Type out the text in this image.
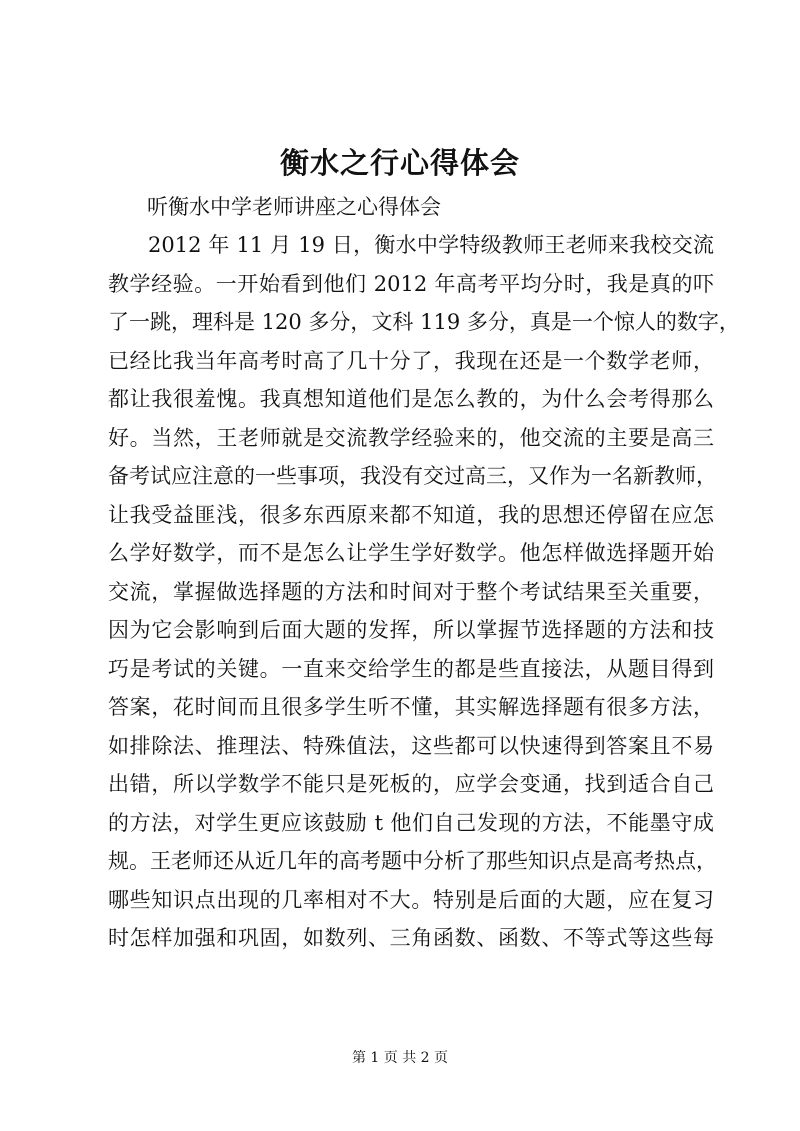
衡水之行心得体会
听衡水中学老师讲座之心得体会
2012 年 11 月 19 日，衡水中学特级教师王老师来我校交流
教学经验。一开始看到他们 2012 年高考平均分时，我是真的吓
了一跳，理科是 120 多分，文科 119 多分，真是一个惊人的数字，
已经比我当年高考时高了几十分了，我现在还是一个数学老师，
都让我很羞愧。我真想知道他们是怎么教的，为什么会考得那么
好。当然，王老师就是交流教学经验来的，他交流的主要是高三
备考试应注意的一些事项，我没有交过高三，又作为一名新教师，
让我受益匪浅，很多东西原来都不知道，我的思想还停留在应怎
么学好数学，而不是怎么让学生学好数学。他怎样做选择题开始
交流，掌握做选择题的方法和时间对于整个考试结果至关重要，
因为它会影响到后面大题的发挥，所以掌握节选择题的方法和技
巧是考试的关键。一直来交给学生的都是些直接法，从题目得到
答案，花时间而且很多学生听不懂，其实解选择题有很多方法，
如排除法、推理法、特殊值法，这些都可以快速得到答案且不易
出错，所以学数学不能只是死板的，应学会变通，找到适合自己
的方法，对学生更应该鼓励 t 他们自己发现的方法，不能墨守成
规。王老师还从近几年的高考题中分析了那些知识点是高考热点，
哪些知识点出现的几率相对不大。特别是后面的大题，应在复习
时怎样加强和巩固，如数列、三角函数、函数、不等式等这些每
第 1 页 共 2 页
